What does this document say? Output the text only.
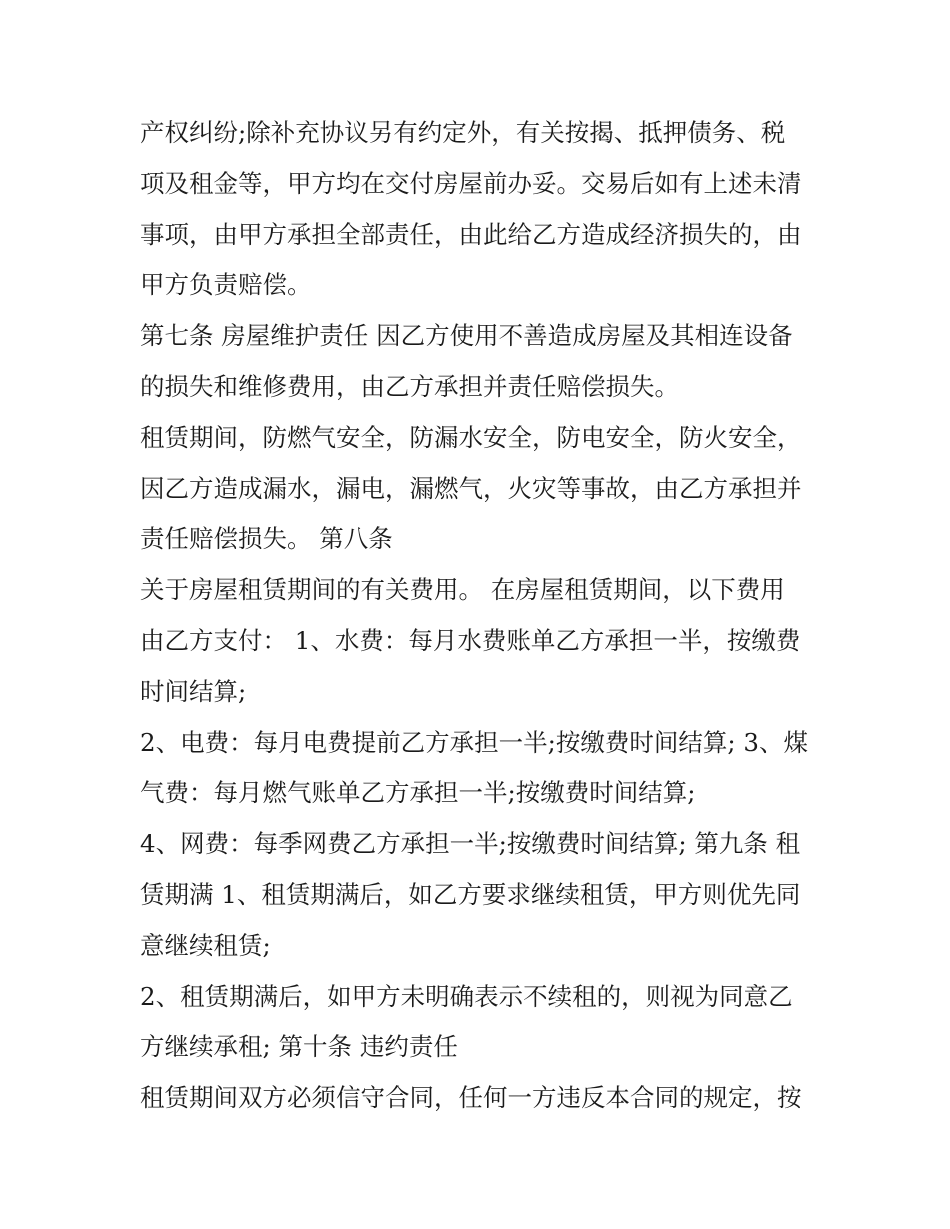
产权纠纷;除补充协议另有约定外，有关按揭、抵押债务、税
项及租金等，甲方均在交付房屋前办妥。交易后如有上述未清
事项，由甲方承担全部责任，由此给乙方造成经济损失的，由
甲方负责赔偿。
第七条 房屋维护责任 因乙方使用不善造成房屋及其相连设备
的损失和维修费用，由乙方承担并责任赔偿损失。
租赁期间，防燃气安全，防漏水安全，防电安全，防火安全，
因乙方造成漏水，漏电，漏燃气，火灾等事故，由乙方承担并
责任赔偿损失。 第八条
关于房屋租赁期间的有关费用。 在房屋租赁期间，以下费用
由乙方支付： 1、水费：每月水费账单乙方承担一半，按缴费
时间结算;
2、电费：每月电费提前乙方承担一半;按缴费时间结算; 3、煤
气费：每月燃气账单乙方承担一半;按缴费时间结算;
4、网费：每季网费乙方承担一半;按缴费时间结算; 第九条 租
赁期满 1、租赁期满后，如乙方要求继续租赁，甲方则优先同
意继续租赁;
2、租赁期满后，如甲方未明确表示不续租的，则视为同意乙
方继续承租; 第十条 违约责任
租赁期间双方必须信守合同，任何一方违反本合同的规定，按
